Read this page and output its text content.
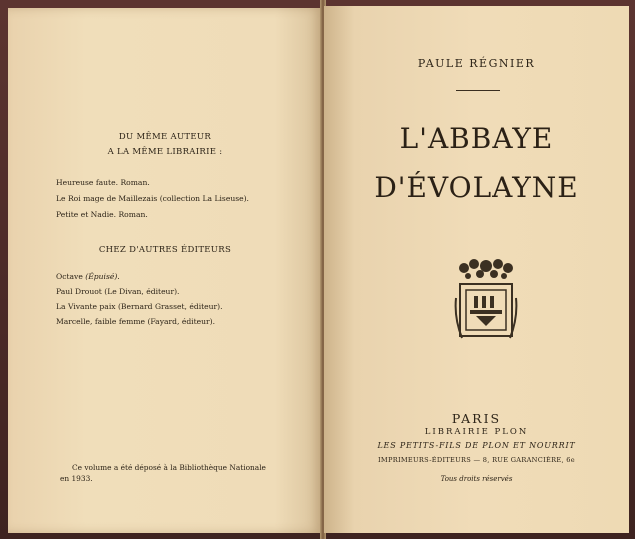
DU MÊME AUTEUR
A LA MÊME LIBRAIRIE :
Heureuse faute. Roman.
Le Roi mage de Maillezais (collection La Liseuse).
Petite et Nadie. Roman.
CHEZ D'AUTRES ÉDITEURS
Octave (Épuisé).
Paul Drouot (Le Divan, éditeur).
La Vivante paix (Bernard Grasset, éditeur).
Marcelle, faible femme (Fayard, éditeur).
Ce volume a été déposé à la Bibliothèque Nationale
en 1933.
PAULE RÉGNIER
L'ABBAYE
D'ÉVOLAYNE
PARIS
LIBRAIRIE PLON
LES PETITS-FILS DE PLON ET NOURRIT
IMPRIMEURS-ÉDITEURS — 8, RUE GARANCIÈRE, 6e
Tous droits réservés
